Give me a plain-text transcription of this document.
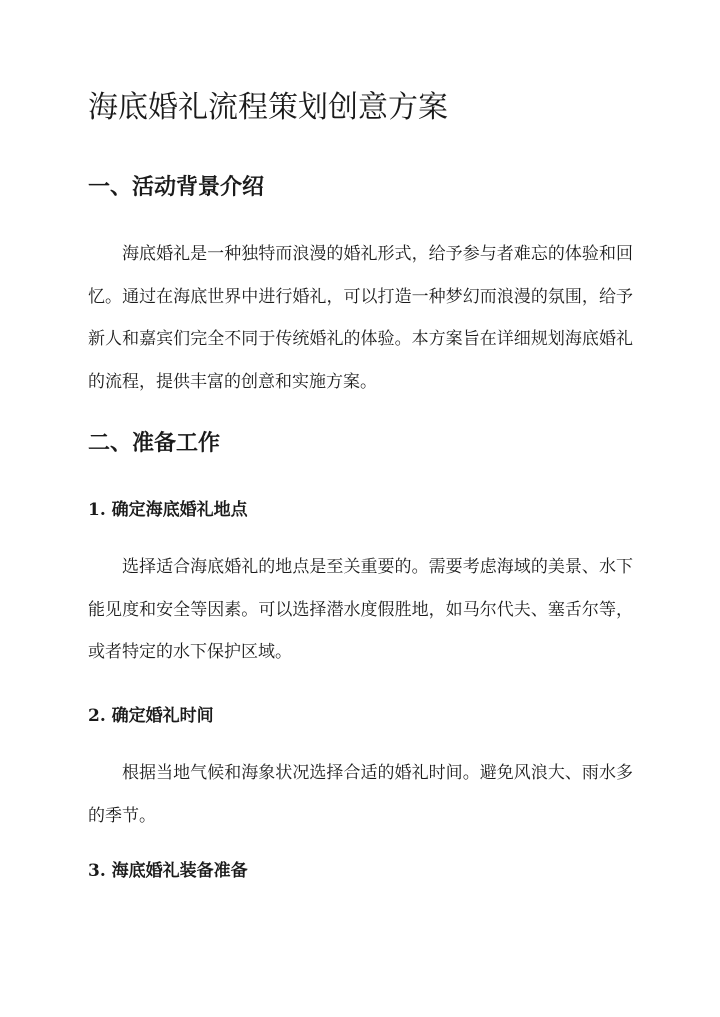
海底婚礼流程策划创意方案
一、活动背景介绍

海底婚礼是一种独特而浪漫的婚礼形式，给予参与者难忘的体验和回忆。通过在海底世界中进行婚礼，可以打造一种梦幻而浪漫的氛围，给予新人和嘉宾们完全不同于传统婚礼的体验。本方案旨在详细规划海底婚礼的流程，提供丰富的创意和实施方案。

二、准备工作
1. 确定海底婚礼地点

选择适合海底婚礼的地点是至关重要的。需要考虑海域的美景、水下能见度和安全等因素。可以选择潜水度假胜地，如马尔代夫、塞舌尔等，或者特定的水下保护区域。

2. 确定婚礼时间

根据当地气候和海象状况选择合适的婚礼时间。避免风浪大、雨水多的季节。

3. 海底婚礼装备准备
